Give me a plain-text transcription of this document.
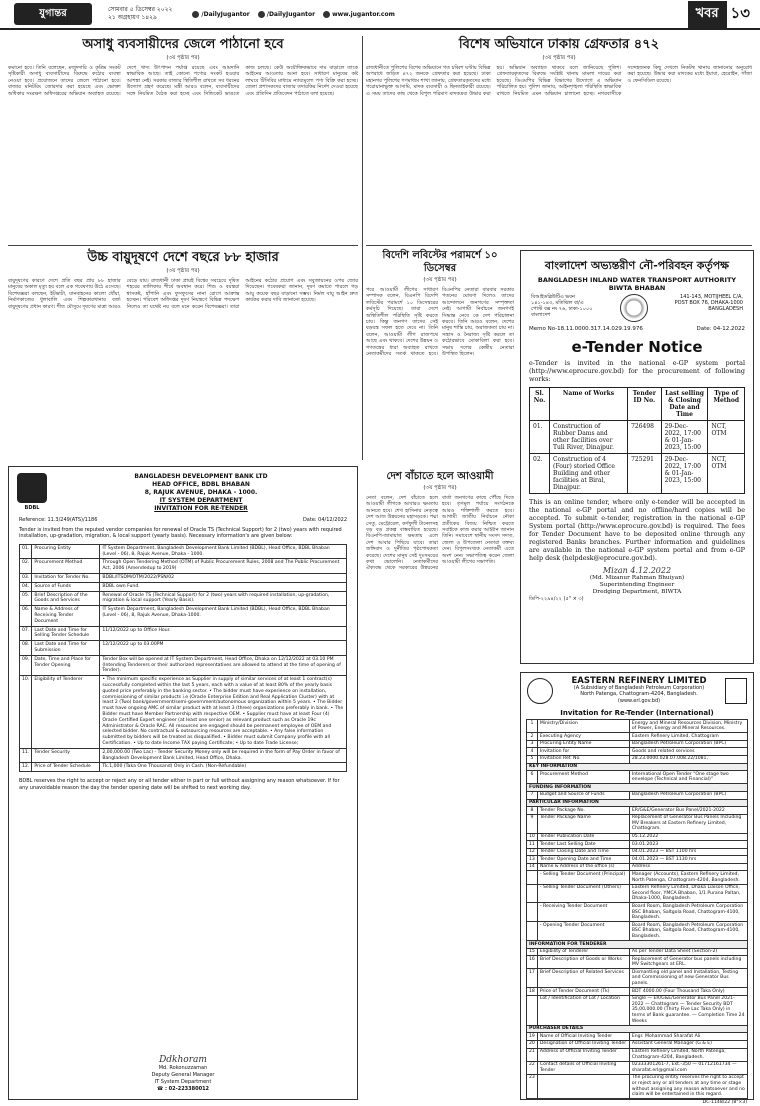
যুগান্তর	সোমবার ৫ ডিসেম্বর ২০২২
২১ অগ্রহায়ণ ১৪২৯	/DailyJugantor	/DailyJugantor	www.jugantor.com	খবর ১৩
অসাধু ব্যবসায়ীদের জেলে পাঠানো হবে
(৩য় পৃষ্ঠার পর)
কমানো হবে। তিনি বলেছেন, মজুদদারি ও কৃত্রিম সংকট সৃষ্টিকারী অসাধু ব্যবসায়ীদের বিরুদ্ধে কঠোর ব্যবস্থা নেওয়া হবে। প্রয়োজনে তাদের জেলে পাঠানো হবে। বাজার মনিটরিং জোরদার করা হয়েছে এবং ভোক্তা অধিকার সংরক্ষণ অধিদপ্তরের অভিযান অব্যাহত রয়েছে। দেশে খাদ্য উৎপাদন পর্যাপ্ত রয়েছে এবং আমদানি স্বাভাবিক আছে। তাই কোনো পণ্যের সংকট হওয়ার আশঙ্কা নেই। সরকার বাজার স্থিতিশীল রাখতে সব ধরনের উদ্যোগ গ্রহণ করেছে। মন্ত্রী আরও বলেন, ব্যবসায়ীদের সঙ্গে নিয়মিত বৈঠক করা হচ্ছে এবং সিন্ডিকেট ভাঙতে কাজ চলছে। কেউ অযৌক্তিকভাবে দাম বাড়ালে তাকে আইনের আওতায় আনা হবে। সাধারণ মানুষের কষ্ট লাঘবে টিসিবির মাধ্যমে ন্যায্যমূল্যে পণ্য বিক্রি করা হচ্ছে। জেলা প্রশাসকদের বাজার তদারকির নির্দেশ দেওয়া হয়েছে এবং প্রতিদিন প্রতিবেদন পাঠাতে বলা হয়েছে।
উচ্চ বায়ুদূষণে দেশে বছরে ৮৮ হাজার
(৩য় পৃষ্ঠার পর)
বায়ুদূষণের কারণে দেশে প্রতি বছর প্রায় ৮৮ হাজার মানুষের অকাল মৃত্যু হয় বলে এক গবেষণায় উঠে এসেছে। বিশেষজ্ঞরা বলছেন, ইটভাটা, যানবাহনের কালো ধোঁয়া, নির্মাণকাজের ধুলাবালি এবং শিল্পকারখানার বর্জ্য বায়ুদূষণের প্রধান কারণ। শীত মৌসুমে দূষণের মাত্রা আরও বেড়ে যায়। রাজধানী ঢাকা প্রায়ই বিশ্বের সবচেয়ে দূষিত শহরের তালিকায় শীর্ষে অবস্থান করে। শিশু ও বয়স্করা শ্বাসকষ্ট, হাঁপানি এবং ফুসফুসের নানা রোগে আক্রান্ত হচ্ছেন। পরিবেশ অধিদপ্তর দূষণ নিয়ন্ত্রণে বিভিন্ন পদক্ষেপ নিলেও তা যথেষ্ট নয় বলে মনে করেন বিশেষজ্ঞরা। তারা আইনের কঠোর প্রয়োগ এবং সবুজায়নের ওপর জোর দিয়েছেন। গবেষকরা জানান, দূষণ কমাতে পারলে গড় আয়ু কয়েক বছর বাড়ানো সম্ভব। নির্মল বায়ু আইন দ্রুত কার্যকর করার দাবি জানানো হয়েছে।
বিশেষ অভিযানে ঢাকায় গ্রেফতার ৪৭২
(৩য় পৃষ্ঠার পর)
রাজধানীতে পুলিশের বিশেষ অভিযানে গত চব্বিশ ঘণ্টায় বিভিন্ন অপরাধে জড়িত ৪৭২ জনকে গ্রেফতার করা হয়েছে। ঢাকা মহানগর পুলিশের গণমাধ্যম শাখা জানায়, গ্রেফতারকৃতদের মধ্যে পরোয়ানাভুক্ত আসামি, মাদক ব্যবসায়ী ও ছিনতাইকারী রয়েছে। এ সময় তাদের কাছ থেকে বিপুল পরিমাণ মাদকদ্রব্য উদ্ধার করা হয়। অভিযান অব্যাহত থাকবে বলে জানিয়েছে পুলিশ। গ্রেফতারকৃতদের বিরুদ্ধে সংশ্লিষ্ট থানায় মামলা দায়ের করা হয়েছে। ডিএমপির বিভিন্ন বিভাগের উদ্যোগে এ অভিযান পরিচালিত হয়। পুলিশ জানায়, আইনশৃঙ্খলা পরিস্থিতি স্বাভাবিক রাখতে নিয়মিত এমন অভিযান চালানো হচ্ছে। নগরবাসীকে সন্দেহজনক কিছু দেখলে নিকটস্থ থানায় জানানোর অনুরোধ করা হয়েছে। উদ্ধার করা মাদকের মধ্যে ইয়াবা, হেরোইন, গাঁজা ও ফেনসিডিল রয়েছে।
বিদেশি লবিস্টের পরামর্শে ১০ ডিসেম্বর
(৩য় পৃষ্ঠার পর)
পরে আওয়ামী লীগের সাধারণ সম্পাদক বলেন, বিএনপি বিদেশি লবিস্টের পরামর্শে ১০ ডিসেম্বরের কর্মসূচি দিয়েছে। তারা দেশে অস্থিতিশীল পরিস্থিতি সৃষ্টি করতে চায়। কিন্তু জনগণ তাদের সেই ষড়যন্ত্র সফল হতে দেবে না। তিনি বলেন, আওয়ামী লীগ রাজপথে আছে এবং থাকবে। দেশের উন্নয়ন ও গণতন্ত্রের ধারা অব্যাহত রাখতে নেতাকর্মীদের সতর্ক থাকতে হবে। বিএনপির নেতারা বারবার সরকার পতনের ঘোষণা দিলেও তাদের আন্দোলনে জনগণের সম্পৃক্ততা নেই। আগামী নির্বাচনে জনগণই সিদ্ধান্ত নেবে কে দেশ পরিচালনা করবে। তিনি আরও বলেন, দেশের মানুষ শান্তি চায়, অরাজকতা চায় না। সন্ত্রাস ও নৈরাজ্য সৃষ্টি করলে তা কঠোরভাবে মোকাবিলা করা হবে। সভায় দলের কেন্দ্রীয় নেতারা উপস্থিত ছিলেন।
দেশ বাঁচাতে হলে আওয়ামী
(৩য় পৃষ্ঠার পর)
নেতা বলেন, দেশ বাঁচাতে হলে আওয়ামী লীগকে আবারও ক্ষমতায় আনতে হবে। শেখ হাসিনার নেতৃত্বে দেশ আজ উন্নয়নের মহাসড়কে। পদ্মা সেতু, মেট্রোরেল, কর্ণফুলী টানেলসহ বড় বড় প্রকল্প বাস্তবায়িত হয়েছে। বিএনপি-জামায়াত ক্ষমতায় এলে দেশ আবার পিছিয়ে যাবে। তারা জঙ্গিবাদ ও দুর্নীতির পৃষ্ঠপোষকতা করেছে। দেশের মানুষ সেই দুঃসময়ের কথা ভোলেনি। নেতাকর্মীদের ঐক্যবদ্ধ থেকে সরকারের উন্নয়নের বার্তা জনগণের কাছে পৌঁছে দিতে হবে। তৃণমূল পর্যায়ে সংগঠনকে আরও শক্তিশালী করতে হবে। আগামী জাতীয় নির্বাচনে নৌকা প্রতীকের বিজয় নিশ্চিত করতে সবাইকে কাজ করার আহ্বান জানান তিনি। সমাবেশে স্থানীয় সংসদ সদস্য, জেলা ও উপজেলা নেতারা বক্তব্য দেন। বিপুলসংখ্যক নেতাকর্মী এতে অংশ নেন। সভাপতিত্ব করেন জেলা আওয়ামী লীগের সভাপতি।
BDBL
BANGLADESH DEVELOPMENT BANK LTD
HEAD OFFICE, BDBL BHABAN
8, RAJUK AVENUE, DHAKA - 1000.
IT SYSTEM DEPARTMENT
INVITATION FOR RE-TENDER
Reference: 11.3/249(ATS)/1186	Date: 04/12/2022
Tender is invited from the reputed vendor companies for renewal of Oracle TS (Technical Support) for 2 (two) years with required installation, up-gradation, migration, & local support (yearly basis). Necessary information's are given below:
01.	Procuring Entity	IT System Department, Bangladesh Development Bank Limited (BDBL), Head Office, BDBL Bhaban (Level - 06), 8, Rajuk Avenue, Dhaka - 1000.
02.	Procurement Method	Through Open Tendering Method (OTM) of Public Procurement Rules, 2008 and The Public Procurement Act, 2006 (Amendedup to 2019)
03.	Invitation for Tender No.	BDBL/ITSDM/OTM/2022/PSN/02
04.	Source of Funds	BDBL own Fund.
05.	Brief Description of the Goods and Services	Renewal of Oracle TS (Technical Support) for 2 (two) years with required installation, up-gradation, migration & local support (Yearly Basis).
06.	Name & Address of Receiving Tender Document	IT System Department, Bangladesh Development Bank Limited (BDBL), Head Office, BDBL Bhaban (Level - 06), 8, Rajuk Avenue, Dhaka-1000.
07.	Last Date and Time for Selling Tender Schedule	11/12/2022 up to Office Hour.
08.	Last Date and Time for Submission	12/12/2022 up to 03.00PM
09.	Date, Time and Place for Tender Opening	Tender Box will be opened at IT System Department, Head Office, Dhaka on 12/12/2022 at 03.10 PM (Intending Tenderers or their authorized representatives are allowed to attend at the time of opening of Tender).
10.	Eligibility of Tenderer	• The minimum specific experience as Supplier in supply of similar services of at least 1 contract(s) successfully completed within the last 5 years, each with a value of at least 80% of the yearly basis quoted price preferably in the banking sector. • The bidder must have experience on installation, commissioning of similar products i.e (Oracle Enterprise Edition and Real Application Cluster) with at least 2 (Two) bank/government/semi-government/autonomous organization within 5 years. • The Bidder must have ongoing AMC of similar product with at least 3 (three) organizations preferably in bank. • The Bidder must have Member Partnership with respective OEM. • Supplier must have at least Four (4) Oracle Certified Expert engineer (at least one senior) as relevant product such as Oracle 19c Administrator & Oracle RAC. All resources are engaged should be permanent employee of OEM and selected bidder. No contractual & outsourcing resources are acceptable. • Any false information submitted by bidders will be treated as disqualified. • Bidder must submit Company profile with all Certification. • Up to date Income TAX paying Certificate; • Up to date Trade License;
11.	Tender Security	2,00,000.00 (Two Lac) - Tender Security Money only will be required in the form of Pay Order in favor of Bangladesh Development Bank Limited, Head Office, Dhaka.
12.	Price of Tender Schedule	Tk.1,000 (Taka One Thousand) Only in Cash. (Non-Refundable)
BDBL reserves the right to accept or reject any or all tender either in part or full without assigning any reason whatsoever. If for any unavoidable reason the day the tender opening date will be shifted to next working day.
Ddkhoram
Md. Rokonuzzaman
Deputy General Manager
IT System Department
☎ : 02-223380012
বাংলাদেশ অভ্যন্তরীণ নৌ-পরিবহন কর্তৃপক্ষ
BANGLADESH INLAND WATER TRANSPORT AUTHORITY
BIWTA BHABAN
বিআইডব্লিউটিএ ভবন
১৪১-১৪৩, মতিঝিল বা/এ
পোস্ট বক্স নং ৭৬, ঢাকা-১০০০
বাংলাদেশ
141-143, MOTIJHEEL C/A,
POST BOX 76, DHAKA-1000
BANGLADESH
Memo No-18.11.0000.317.14.029.19.976	Date: 04-12.2022
e-Tender Notice
e-Tender is invited in the national e-GP system portal (http://www.eprocure.gov.bd) for the procurement of following works:
Sl. No.	Name of Works	Tender ID No.	Last selling & Closing Date and Time	Type of Method
01.	Construction of Rubber Dams and other facilities over Tuli River, Dinajpur.	726498	29-Dec-2022, 17:00 & 01-Jan-2023, 15:00	NCT, OTM
02.	Construction of 4 (Four) storied Office Building and other facilities at Biral, Dinajpur.	725291	29-Dec-2022, 17:00 & 01-Jan-2023, 15:00	NCT, OTM
This is an online tender, where only e-tender will be accepted in the national e-GP portal and no offline/hard copies will be accepted. To submit e-tender, registration in the national e-GP System portal (http://www.eprocure.gov.bd) is required. The fees for Tender Document have to be deposited online through any registered Banks branches. Further information and guidelines are available in the national e-GP system portal and from e-GP help desk (helpdesk@eprocure.gov.bd).
Mizan 4.12.2022
(Md. Mizanur Rahman Bhuiyan)
Superintending Engineer
Dredging Department, BIWTA
ডিপি-২২৯৪/২২ (৫" × ৩)
EASTERN REFINERY LIMITED
(A Subsidiary of Bangladesh Petroleum Corporation)
North Patenga, Chattogram-4204, Bangladesh.
(www.erl.gov.bd)
Invitation for Re-Tender (International)
1	Ministry/Division	Energy and Mineral Resources Division, Ministry of Power, Energy and Mineral Resources.
2	Executing Agency	Eastern Refinery Limited, Chattogram
3	Procuring Entity Name	Bangladesh Petroleum Corporation (BPC)
4	Invitation for	Goods and related services
5	Invitation Ref. No.	28.23.0000.028.07.008.22/1081,
KEY INFORMATION		
6	Procurement Method	International Open Tender "One stage two envelope (Technical and Financial)"
FUNDING INFORMATION		
7	Budget and Source of Funds	Bangladesh Petroleum Corporation (BPC)
PARTICULAR INFORMATION		
8	Tender Package No.	ER/G&E/Generator Bus Panel/2021-2022
9	Tender Package Name	Replacement of Generator Bus Panels Including MV Breakers at Eastern Refinery Limited, Chattogram.
10	Tender Publication Date	05.12.2022
11	Tender Last Selling Date	03.01.2023
12	Tender Closing Date and Time	04.01.2023 — BST 1100 hrs
13	Tender Opening Date and Time	04.01.2023 — BST 1130 hrs
14	Name & Address of the office (s)	Address
	- Selling Tender Document (Principal)	Manager (Accounts), Eastern Refinery Limited, North Patenga, Chattogram-4204, Bangladesh.
	- Selling Tender Document (Others)	Eastern Refinery Limited, Dhaka Liaison Office, Second floor, YMCA Bhaban, 1/1 Purana Paltan, Dhaka-1000, Bangladesh.
	- Receiving Tender Document	Board Room, Bangladesh Petroleum Corporation BSC Bhaban, Saltgola Road, Chattogram-4100, Bangladesh.
	- Opening Tender Document	Board Room, Bangladesh Petroleum Corporation BSC Bhaban, Saltgola Road, Chattogram-4100, Bangladesh.
INFORMATION FOR TENDERER		
15	Eligibility of Tenderer	As per Tender Data Sheet (Section-2)
16	Brief Description of Goods or Works	Replacement of Generator bus panels including MV Switchgears at ERL.
17	Brief Description of Related Services	Dismantling old panel and Installation, Testing and Commissioning of new Generator Bus panels.
18	Price of Tender Document (Tk)	BDT 4000.00 (Four Thousand Taka Only)
	Lot / Identification of Lot / Location	Single — ER/G&E/Generator Bus Panel 2021-2022 — Chattogram — Tender Security BDT 35,00,000.00 (Thirty Five Lac Taka Only) in terms of Bank guarantee. — Completion Time 24 Weeks
PURCHASER DETAILS		
19	Name of Official Inviting Tender	Engr. Mohammad Sharafat Ali
20	Designation of Official Inviting Tender	Assistant General Manager (G & E)
21	Address of Official Inviting Tender	Eastern Refinery Limited, North Patenga, Chattogram-4204, Bangladesh.
22	Contact details of Official Inviting Tender	02333301261-7, Ext.-350 — 01712161734 — sharafat.erl@gmail.com
23		The procuring entity reserves the right to accept or reject any or all tenders at any time or stage without assigning any reason whatsoever and no claim will be entertained in this regard.
DC-1148/22 (8"×3)
